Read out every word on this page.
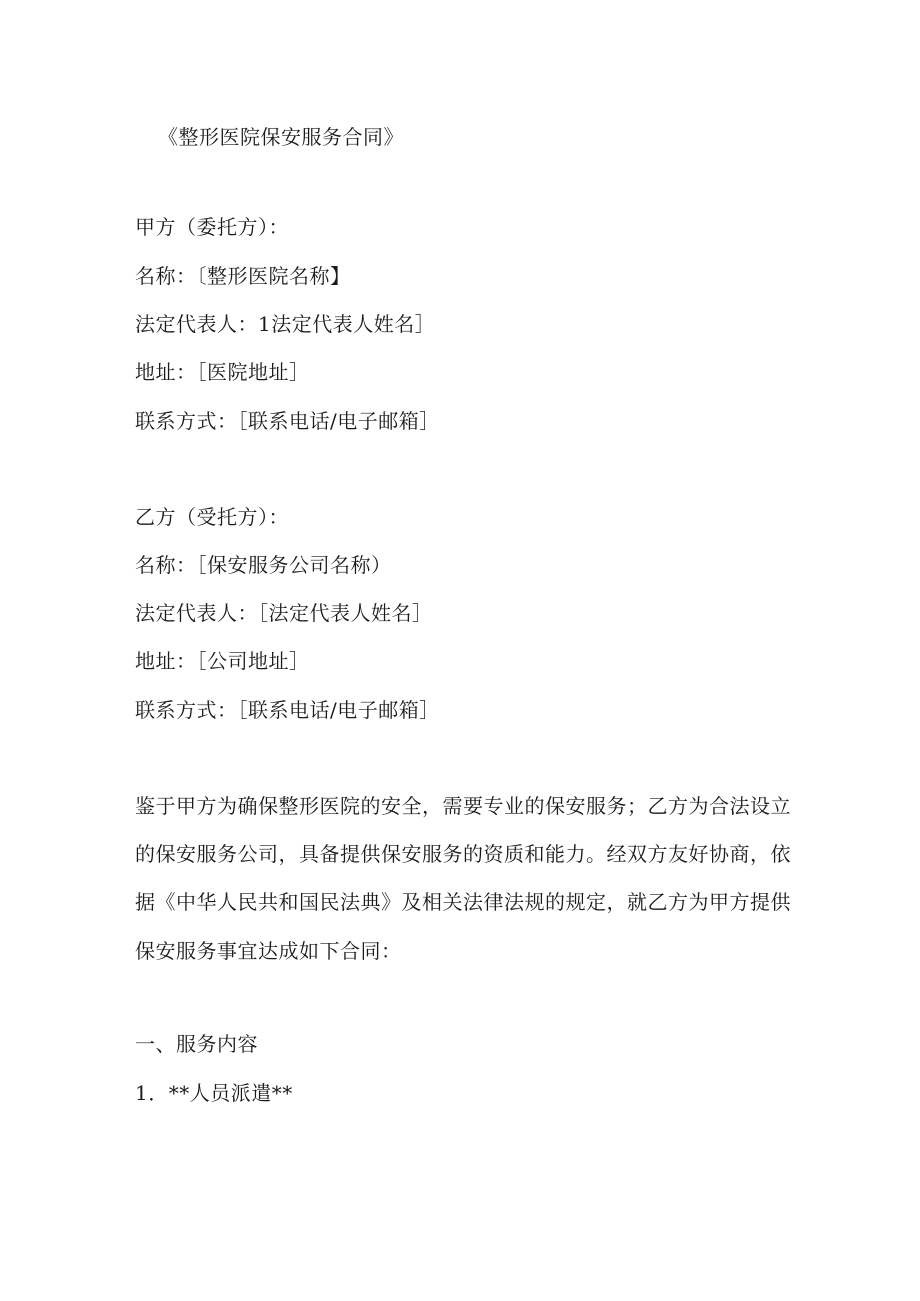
《整形医院保安服务合同》
甲方（委托方）：
名称：〔整形医院名称】
法定代表人：1法定代表人姓名］
地址：［医院地址］
联系方式：［联系电话/电子邮箱］
乙方（受托方）：
名称：［保安服务公司名称）
法定代表人：［法定代表人姓名］
地址：［公司地址］
联系方式：［联系电话/电子邮箱］
鉴于甲方为确保整形医院的安全，需要专业的保安服务；乙方为合法设立
的保安服务公司，具备提供保安服务的资质和能力。经双方友好协商，依
据《中华人民共和国民法典》及相关法律法规的规定，就乙方为甲方提供
保安服务事宜达成如下合同：
一、服务内容
1．**人员派遣**
